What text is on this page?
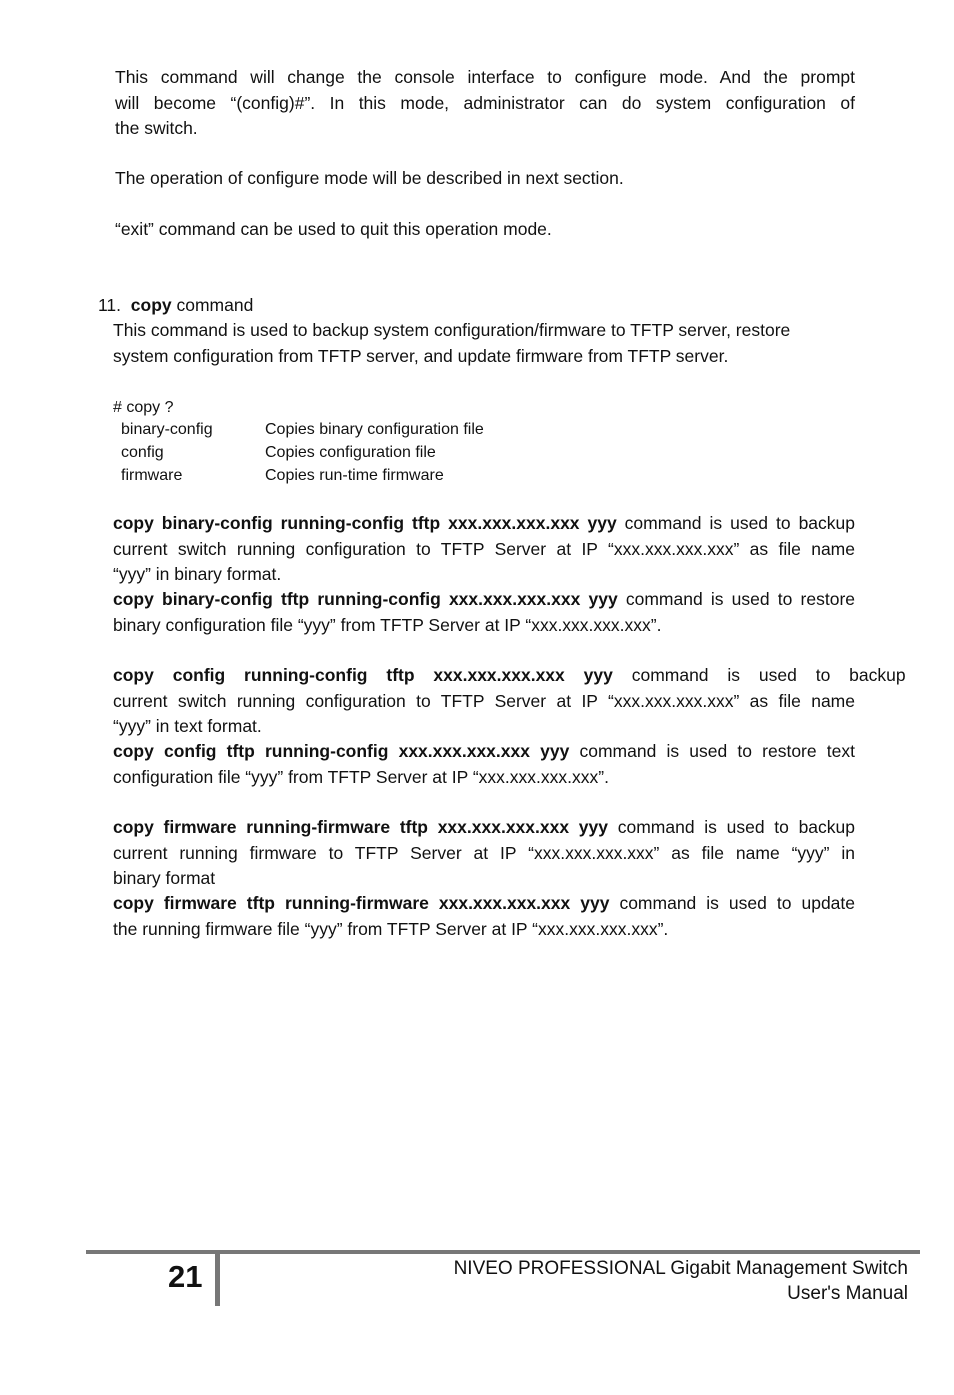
This command will change the console interface to configure mode. And the prompt
will become “(config)#”. In this mode, administrator can do system configuration of
the switch.
The operation of configure mode will be described in next section.
“exit” command can be used to quit this operation mode.
11. copy command
This command is used to backup system configuration/firmware to TFTP server, restore
system configuration from TFTP server, and update firmware from TFTP server.
# copy ?
binary-config	Copies binary configuration file
config	Copies configuration file
firmware	Copies run-time firmware
copy binary-config running-config tftp xxx.xxx.xxx.xxx yyy command is used to backup
current switch running configuration to TFTP Server at IP “xxx.xxx.xxx.xxx” as file name
“yyy” in binary format.
copy binary-config tftp running-config xxx.xxx.xxx.xxx yyy command is used to restore
binary configuration file “yyy” from TFTP Server at IP “xxx.xxx.xxx.xxx”.
copy config running-config tftp xxx.xxx.xxx.xxx yyy command is used to backup
current switch running configuration to TFTP Server at IP “xxx.xxx.xxx.xxx” as file name
“yyy” in text format.
copy config tftp running-config xxx.xxx.xxx.xxx yyy command is used to restore text
configuration file “yyy” from TFTP Server at IP “xxx.xxx.xxx.xxx”.
copy firmware running-firmware tftp xxx.xxx.xxx.xxx yyy command is used to backup
current running firmware to TFTP Server at IP “xxx.xxx.xxx.xxx” as file name “yyy” in
binary format
copy firmware tftp running-firmware xxx.xxx.xxx.xxx yyy command is used to update
the running firmware file “yyy” from TFTP Server at IP “xxx.xxx.xxx.xxx”.
21	NIVEO PROFESSIONAL Gigabit Management Switch
User's Manual
